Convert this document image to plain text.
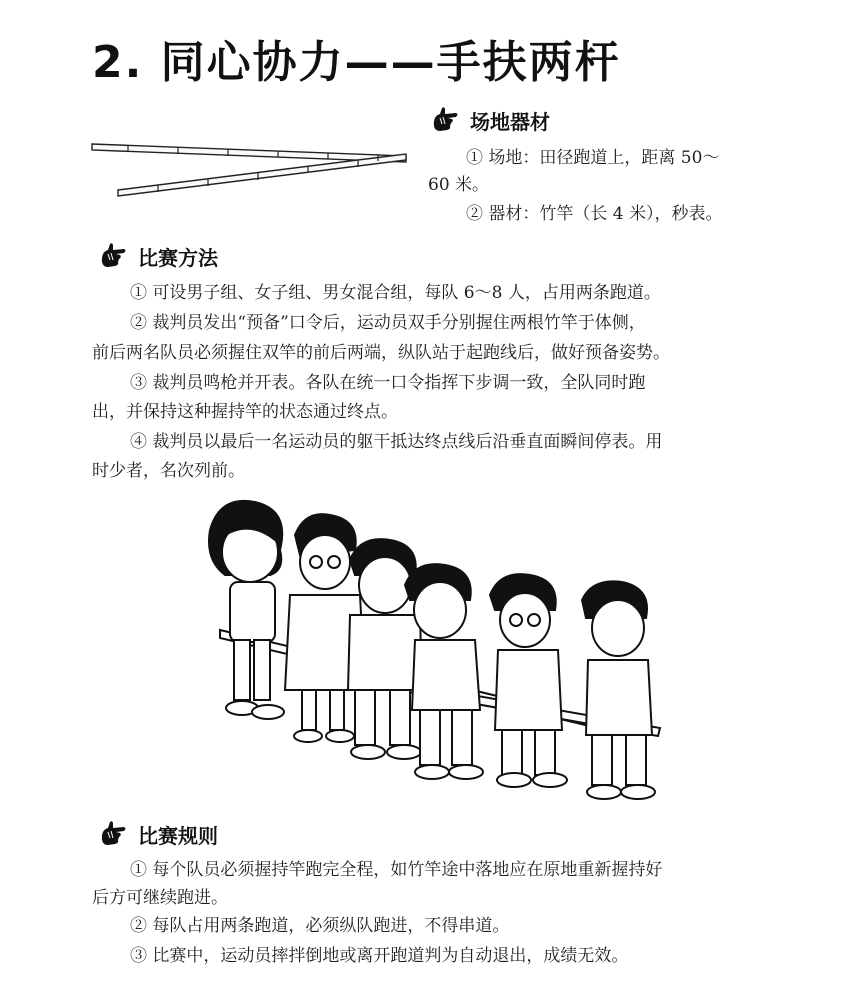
2. 同心协力——手扶两杆
场地器材
① 场地：田径跑道上，距离 50～
60 米。
② 器材：竹竿（长 4 米），秒表。
比赛方法
① 可设男子组、女子组、男女混合组，每队 6～8 人，占用两条跑道。
② 裁判员发出“预备”口令后，运动员双手分别握住两根竹竿于体侧，
前后两名队员必须握住双竿的前后两端，纵队站于起跑线后，做好预备姿势。
③ 裁判员鸣枪并开表。各队在统一口令指挥下步调一致，全队同时跑
出，并保持这种握持竿的状态通过终点。
④ 裁判员以最后一名运动员的躯干抵达终点线后沿垂直面瞬间停表。用
时少者，名次列前。
比赛规则
① 每个队员必须握持竿跑完全程，如竹竿途中落地应在原地重新握持好
后方可继续跑进。
② 每队占用两条跑道，必须纵队跑进，不得串道。
③ 比赛中，运动员摔拌倒地或离开跑道判为自动退出，成绩无效。
